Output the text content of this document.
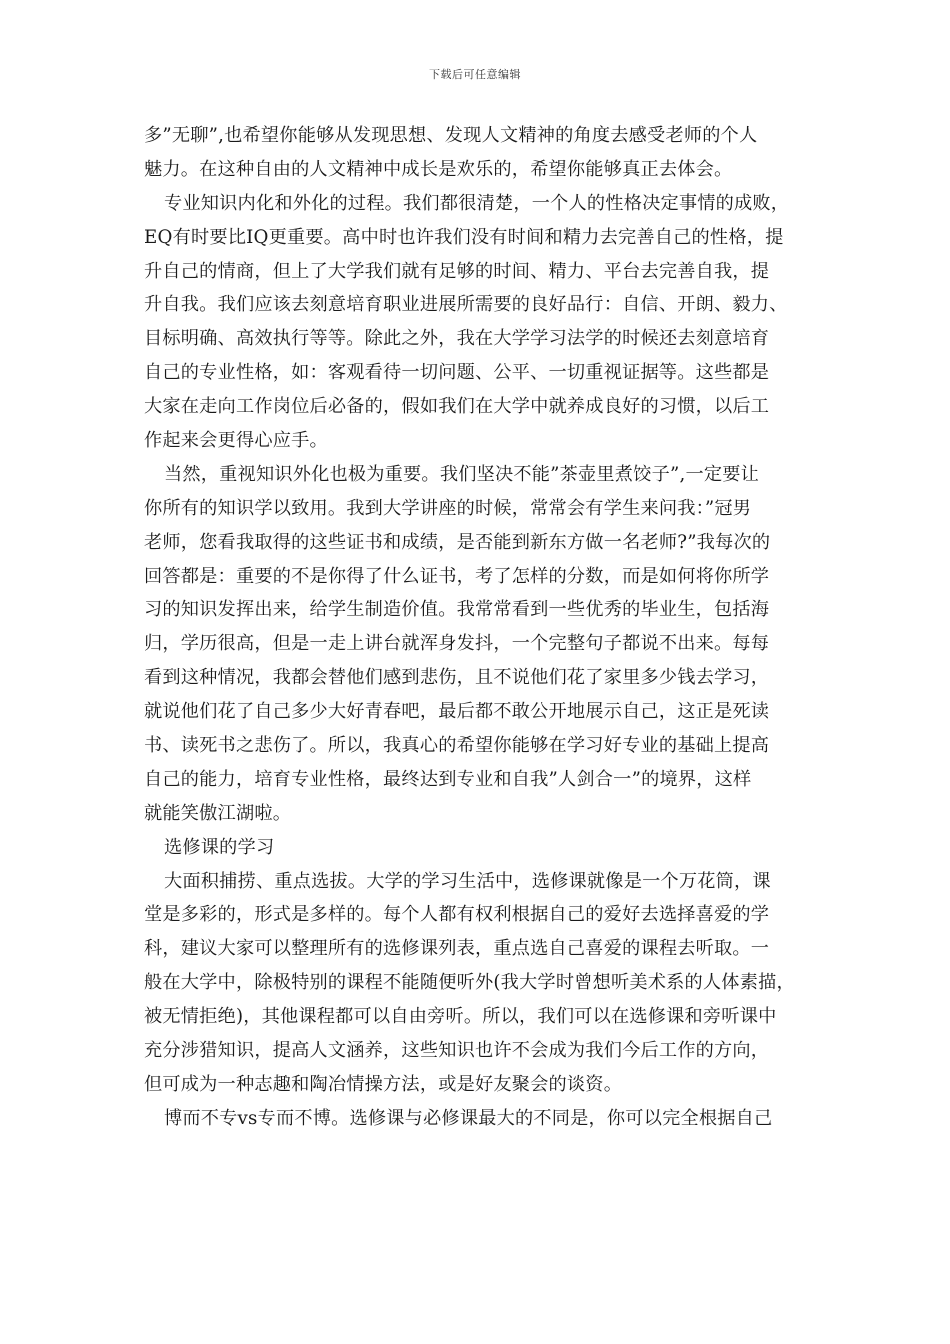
下载后可任意编辑
多”无聊”,也希望你能够从发现思想、发现人文精神的角度去感受老师的个人
魅力。在这种自由的人文精神中成长是欢乐的，希望你能够真正去体会。
专业知识内化和外化的过程。我们都很清楚，一个人的性格决定事情的成败，
EQ有时要比IQ更重要。高中时也许我们没有时间和精力去完善自己的性格，提
升自己的情商，但上了大学我们就有足够的时间、精力、平台去完善自我，提
升自我。我们应该去刻意培育职业进展所需要的良好品行：自信、开朗、毅力、
目标明确、高效执行等等。除此之外，我在大学学习法学的时候还去刻意培育
自己的专业性格，如：客观看待一切问题、公平、一切重视证据等。这些都是
大家在走向工作岗位后必备的，假如我们在大学中就养成良好的习惯，以后工
作起来会更得心应手。
当然，重视知识外化也极为重要。我们坚决不能”茶壶里煮饺子”,一定要让
你所有的知识学以致用。我到大学讲座的时候，常常会有学生来问我：”冠男
老师，您看我取得的这些证书和成绩，是否能到新东方做一名老师?”我每次的
回答都是：重要的不是你得了什么证书，考了怎样的分数，而是如何将你所学
习的知识发挥出来，给学生制造价值。我常常看到一些优秀的毕业生，包括海
归，学历很高，但是一走上讲台就浑身发抖，一个完整句子都说不出来。每每
看到这种情况，我都会替他们感到悲伤，且不说他们花了家里多少钱去学习，
就说他们花了自己多少大好青春吧，最后都不敢公开地展示自己，这正是死读
书、读死书之悲伤了。所以，我真心的希望你能够在学习好专业的基础上提高
自己的能力，培育专业性格，最终达到专业和自我”人剑合一”的境界，这样
就能笑傲江湖啦。
选修课的学习
大面积捕捞、重点选拔。大学的学习生活中，选修课就像是一个万花筒，课
堂是多彩的，形式是多样的。每个人都有权利根据自己的爱好去选择喜爱的学
科，建议大家可以整理所有的选修课列表，重点选自己喜爱的课程去听取。一
般在大学中，除极特别的课程不能随便听外(我大学时曾想听美术系的人体素描，
被无情拒绝)，其他课程都可以自由旁听。所以，我们可以在选修课和旁听课中
充分涉猎知识，提高人文涵养，这些知识也许不会成为我们今后工作的方向，
但可成为一种志趣和陶冶情操方法，或是好友聚会的谈资。
博而不专vs专而不博。选修课与必修课最大的不同是，你可以完全根据自己
